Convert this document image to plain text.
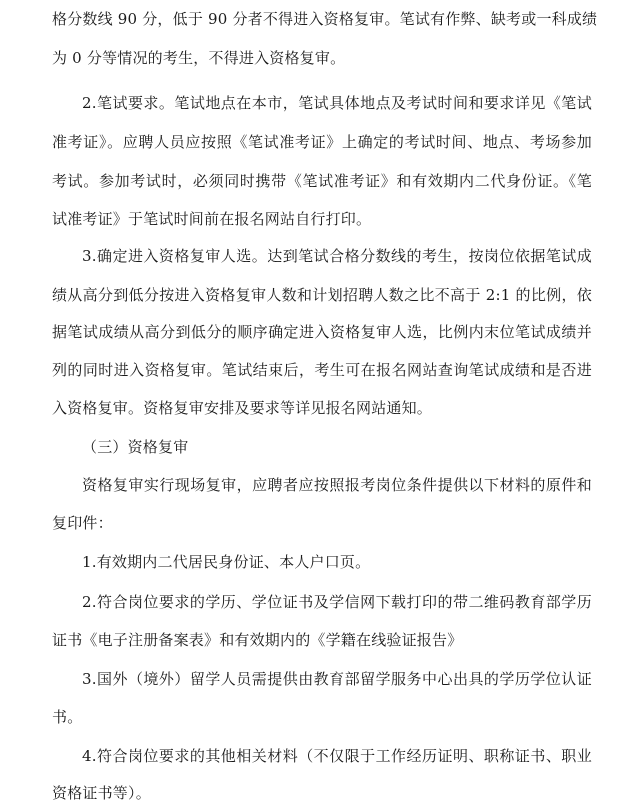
格分数线 90 分，低于 90 分者不得进入资格复审。笔试有作弊、缺考或一科成绩
为 0 分等情况的考生，不得进入资格复审。
2.笔试要求。笔试地点在本市，笔试具体地点及考试时间和要求详见《笔试
准考证》。应聘人员应按照《笔试准考证》上确定的考试时间、地点、考场参加
考试。参加考试时，必须同时携带《笔试准考证》和有效期内二代身份证。《笔
试准考证》于笔试时间前在报名网站自行打印。
3.确定进入资格复审人选。达到笔试合格分数线的考生，按岗位依据笔试成
绩从高分到低分按进入资格复审人数和计划招聘人数之比不高于 2:1 的比例，依
据笔试成绩从高分到低分的顺序确定进入资格复审人选，比例内末位笔试成绩并
列的同时进入资格复审。笔试结束后，考生可在报名网站查询笔试成绩和是否进
入资格复审。资格复审安排及要求等详见报名网站通知。
（三）资格复审
资格复审实行现场复审，应聘者应按照报考岗位条件提供以下材料的原件和
复印件：
1.有效期内二代居民身份证、本人户口页。
2.符合岗位要求的学历、学位证书及学信网下载打印的带二维码教育部学历
证书《电子注册备案表》和有效期内的《学籍在线验证报告》
3.国外（境外）留学人员需提供由教育部留学服务中心出具的学历学位认证
书。
4.符合岗位要求的其他相关材料（不仅限于工作经历证明、职称证书、职业
资格证书等）。
